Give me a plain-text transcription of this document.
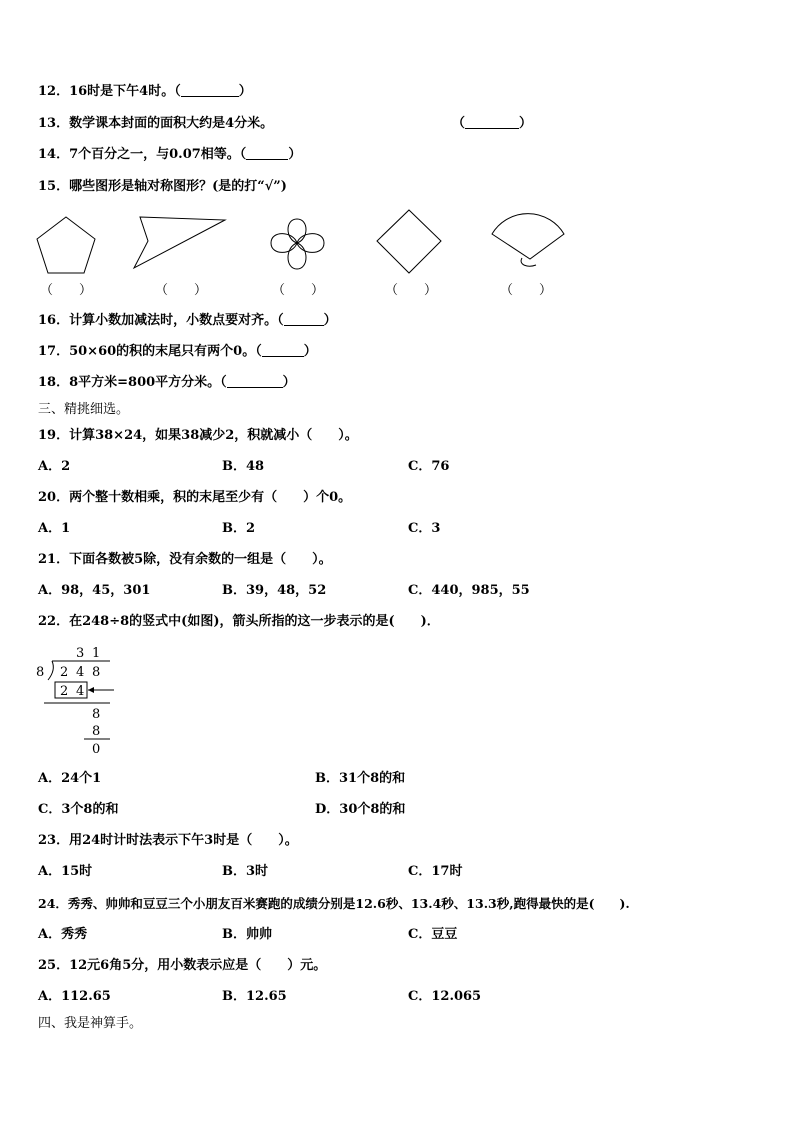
12．16时是下午4时。（	）
13．数学课本封面的面积大约是4分米。	（	）
14．7个百分之一，与0.07相等。（	）
15．哪些图形是轴对称图形？(是的打“√”)
（　　）	（　　）	（　　）	（　　）	（　　）
16．计算小数加减法时，小数点要对齐。（	）
17．50×60的积的末尾只有两个0。（	）
18．8平方米=800平方分米。（	）
三、精挑细选。
19．计算38×24，如果38减少2，积就减小（　　）。
A．2	B．48	C．76
20．两个整十数相乘，积的末尾至少有（　　）个0。
A．1	B．2	C．3
21．下面各数被5除，没有余数的一组是（　　）。
A．98，45，301	B．39，48，52	C．440，985，55
22．在248÷8的竖式中(如图)，箭头所指的这一步表示的是(　　)．
3 1
8 2 4 8
2 4
8
8
0
A．24个1	B．31个8的和
C．3个8的和	D．30个8的和
23．用24时计时法表示下午3时是（　　）。
A．15时	B．3时	C．17时
24．秀秀、帅帅和豆豆三个小朋友百米赛跑的成绩分别是12.6秒、13.4秒、13.3秒,跑得最快的是(　　).
A．秀秀	B．帅帅	C．豆豆
25．12元6角5分，用小数表示应是（　　）元。
A．112.65	B．12.65	C．12.065
四、我是神算手。
